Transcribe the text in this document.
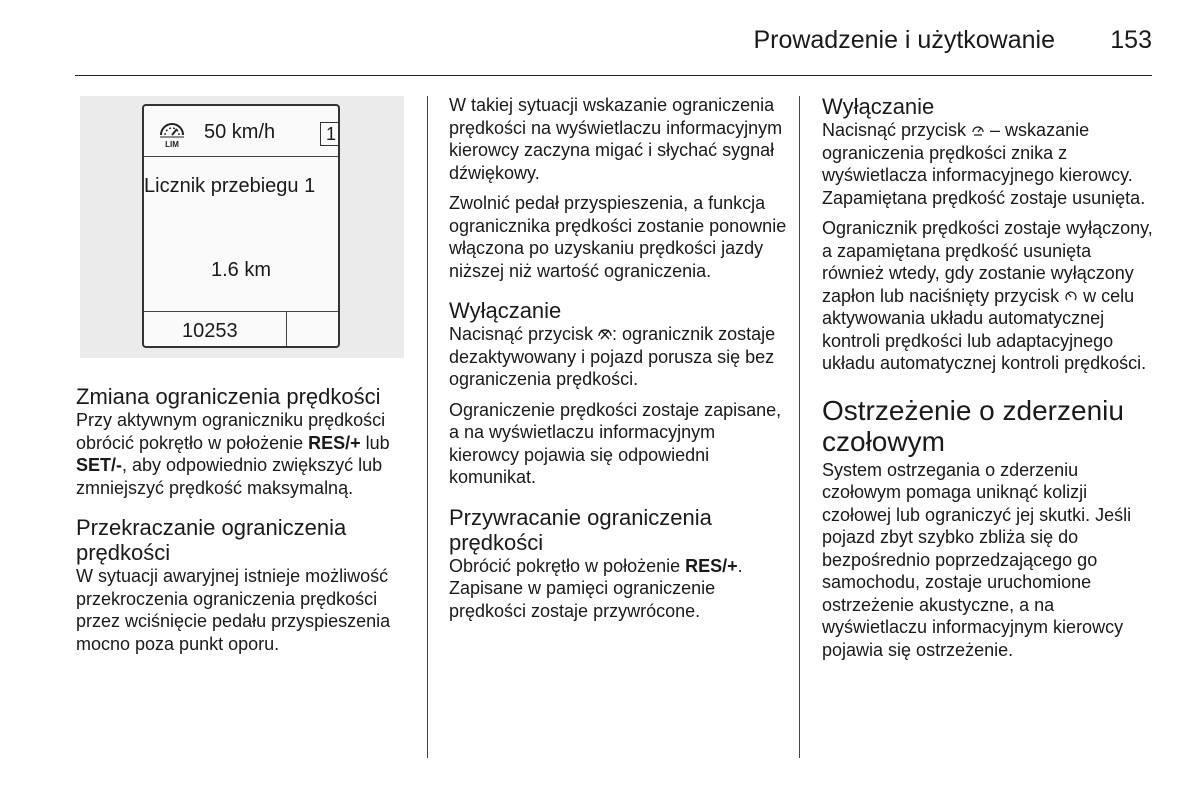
Prowadzenie i użytkowanie	153
LIM
50 km/h	1
Licznik przebiegu 1
1.6 km
10253
Zmiana ograniczenia prędkości

Przy aktywnym ograniczniku prędkości obrócić pokrętło w położenie RES/+ lub SET/-, aby odpowiednio zwiększyć lub zmniejszyć prędkość maksymalną.

Przekraczanie ograniczenia prędkości

W sytuacji awaryjnej istnieje możliwość przekroczenia ograniczenia prędkości przez wciśnięcie pedału przyspieszenia mocno poza punkt oporu.

W takiej sytuacji wskazanie ograniczenia prędkości na wyświetlaczu informacyjnym kierowcy zaczyna migać i słychać sygnał dźwiękowy.

Zwolnić pedał przyspieszenia, a funkcja ogranicznika prędkości zostanie ponownie włączona po uzyskaniu prędkości jazdy niższej niż wartość ograniczenia.

Wyłączanie

Nacisnąć przycisk : ogranicznik zostaje dezaktywowany i pojazd porusza się bez ograniczenia prędkości.

Ograniczenie prędkości zostaje zapisane, a na wyświetlaczu informacyjnym kierowcy pojawia się odpowiedni komunikat.

Przywracanie ograniczenia prędkości

Obrócić pokrętło w położenie RES/+. Zapisane w pamięci ograniczenie prędkości zostaje przywrócone.

Wyłączanie

Nacisnąć przycisk  – wskazanie ograniczenia prędkości znika z wyświetlacza informacyjnego kierowcy. Zapamiętana prędkość zostaje usunięta.

Ogranicznik prędkości zostaje wyłączony, a zapamiętana prędkość usunięta również wtedy, gdy zostanie wyłączony zapłon lub naciśnięty przycisk  w celu aktywowania układu automatycznej kontroli prędkości lub adaptacyjnego układu automatycznej kontroli prędkości.

Ostrzeżenie o zderzeniu czołowym

System ostrzegania o zderzeniu czołowym pomaga uniknąć kolizji czołowej lub ograniczyć jej skutki. Jeśli pojazd zbyt szybko zbliża się do bezpośrednio poprzedzającego go samochodu, zostaje uruchomione ostrzeżenie akustyczne, a na wyświetlaczu informacyjnym kierowcy pojawia się ostrzeżenie.
